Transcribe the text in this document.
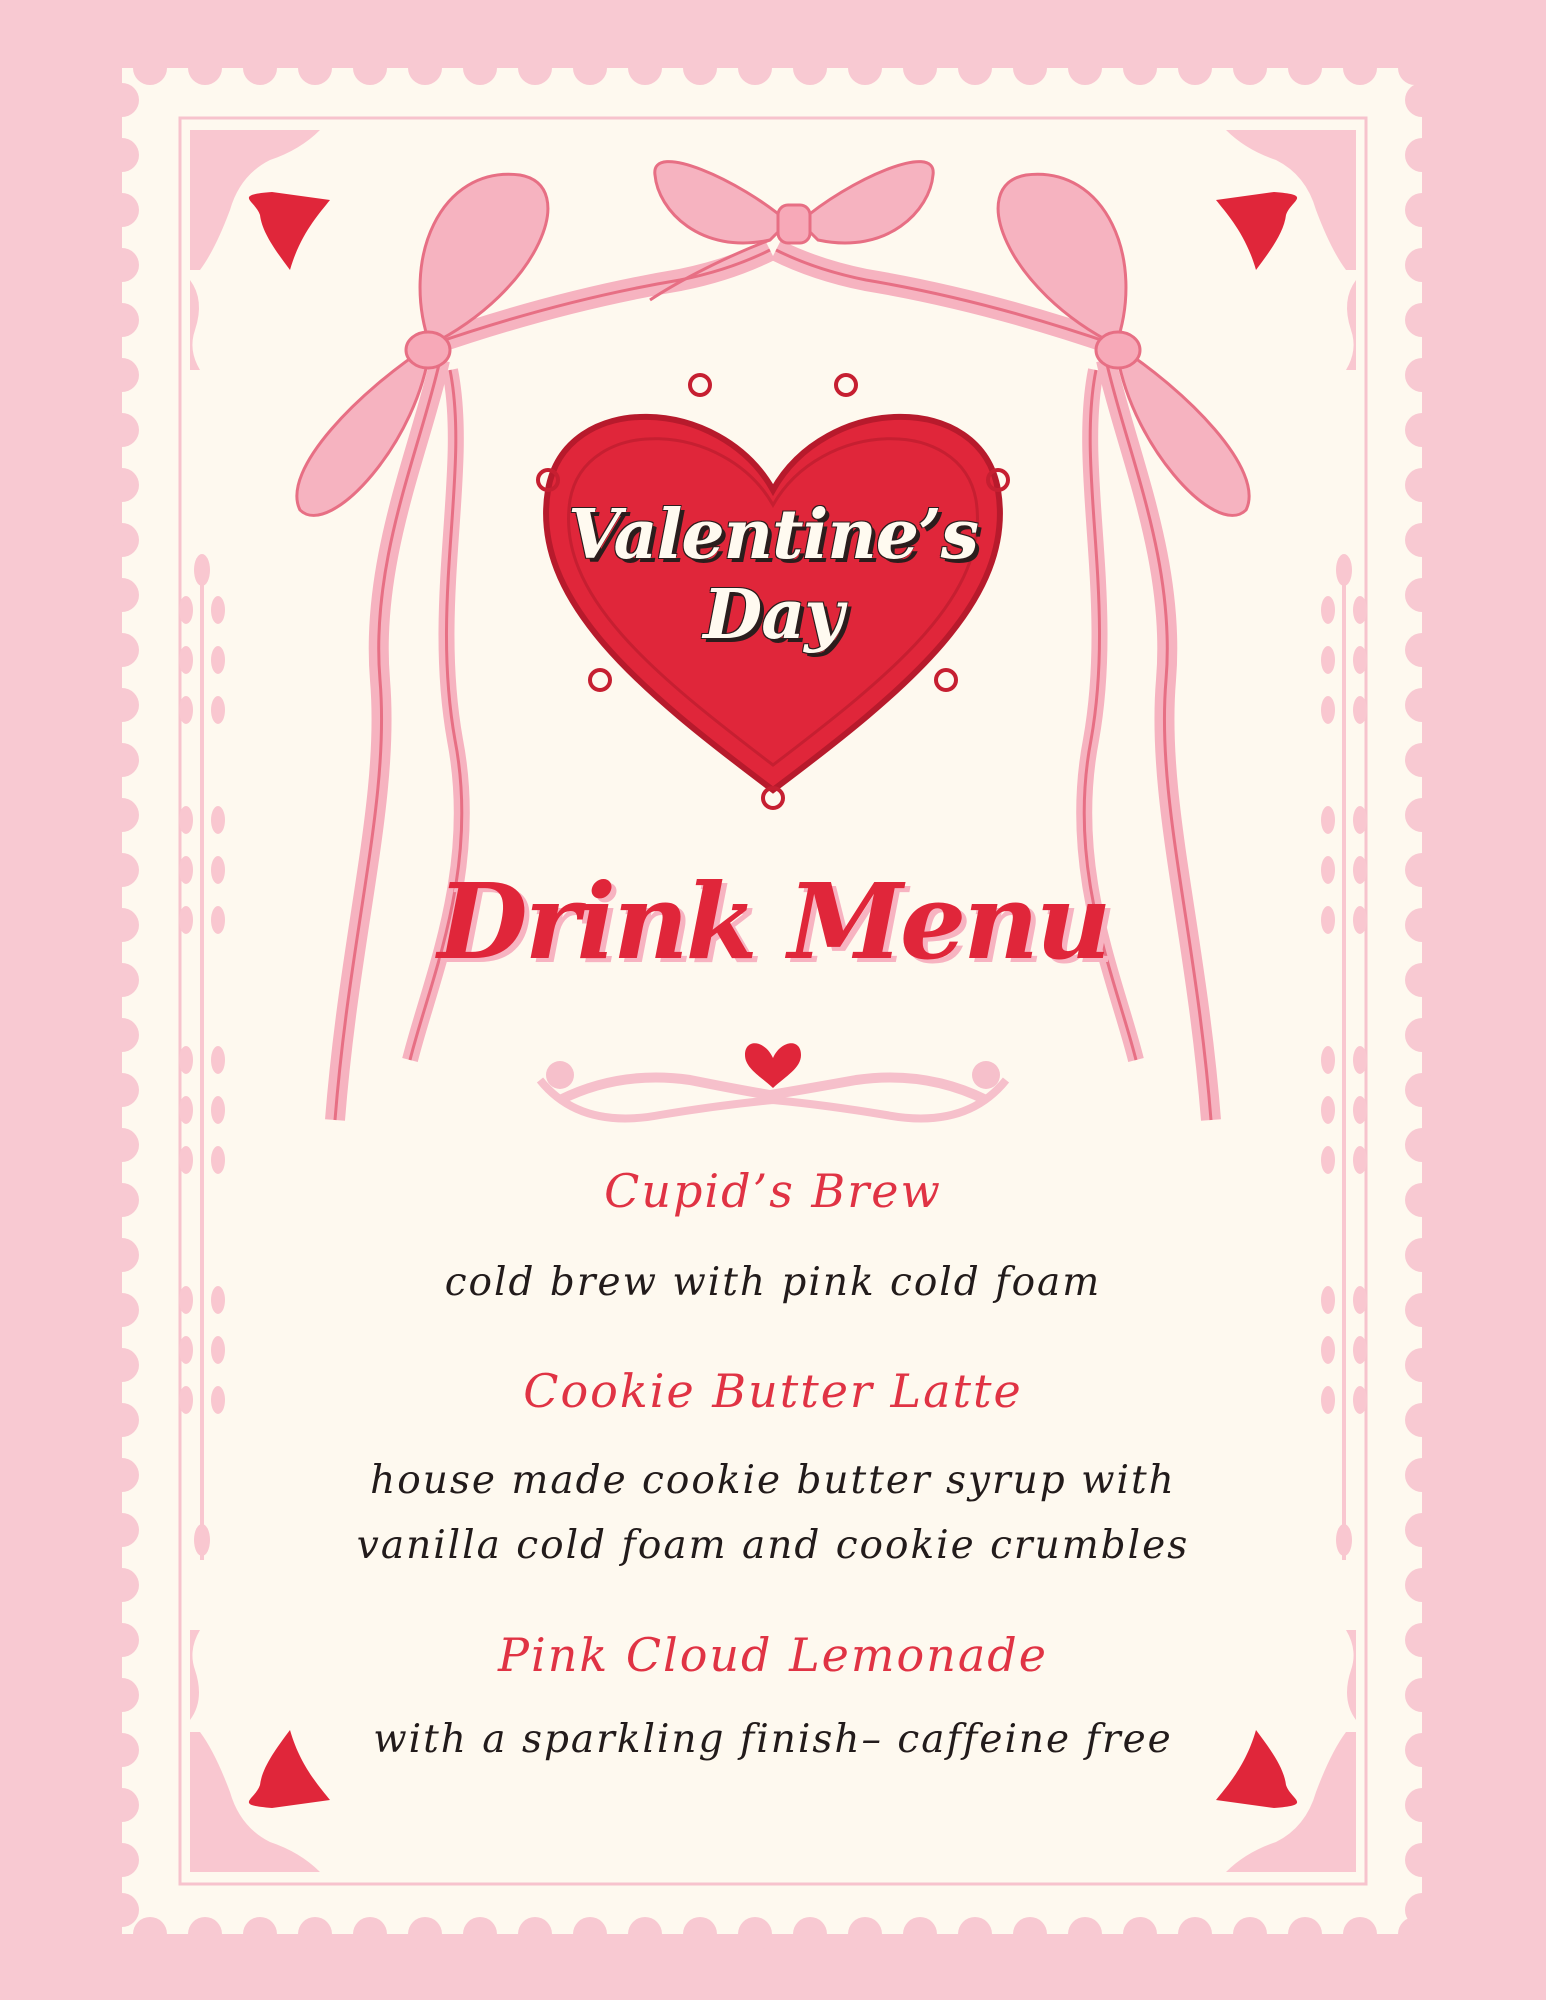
Valentine’s
Day
Drink Menu
Cupid’s Brew
cold brew with pink cold foam
Cookie Butter Latte
house made cookie butter syrup with
vanilla cold foam and cookie crumbles
Pink Cloud Lemonade
with a sparkling finish– caffeine free
